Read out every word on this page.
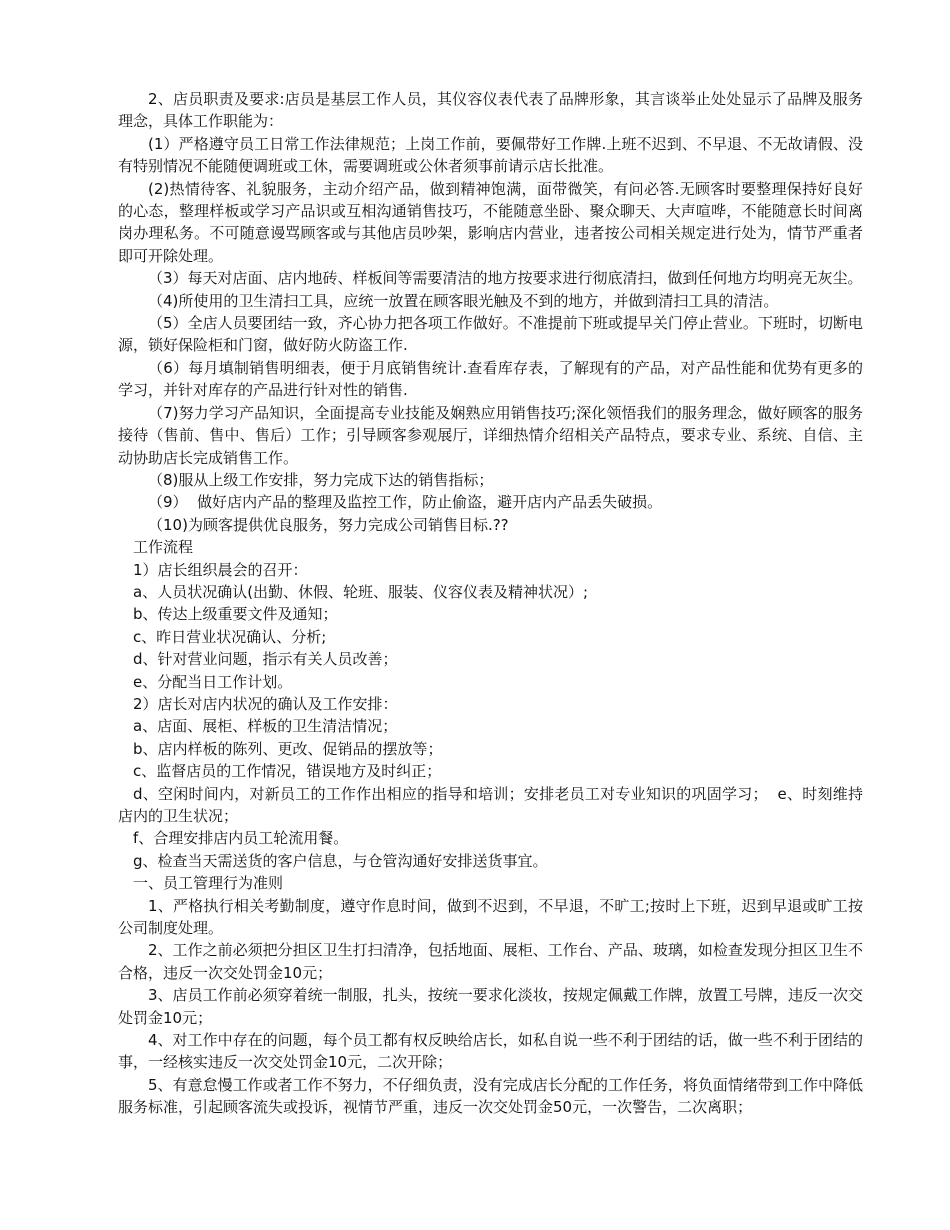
2、店员职责及要求:店员是基层工作人员，其仪容仪表代表了品牌形象，其言谈举止处处显示了品牌及服务理念，具体工作职能为：

(1）严格遵守员工日常工作法律规范；上岗工作前，要佩带好工作牌.上班不迟到、不早退、不无故请假、没有特别情况不能随便调班或工休，需要调班或公休者须事前请示店长批准。

(2)热情待客、礼貌服务，主动介绍产品，做到精神饱满，面带微笑，有问必答.无顾客时要整理保持好良好的心态，整理样板或学习产品识或互相沟通销售技巧，不能随意坐卧、聚众聊天、大声喧哗，不能随意长时间离岗办理私务。不可随意谩骂顾客或与其他店员吵架，影响店内营业，违者按公司相关规定进行处为，情节严重者即可开除处理。

（3）每天对店面、店内地砖、样板间等需要清洁的地方按要求进行彻底清扫，做到任何地方均明亮无灰尘。

（4)所使用的卫生清扫工具，应统一放置在顾客眼光触及不到的地方，并做到清扫工具的清洁。

（5）全店人员要团结一致，齐心协力把各项工作做好。不准提前下班或提早关门停止营业。下班时，切断电源，锁好保险柜和门窗，做好防火防盗工作.

（6）每月填制销售明细表，便于月底销售统计.查看库存表，了解现有的产品，对产品性能和优势有更多的学习，并针对库存的产品进行针对性的销售.

（7)努力学习产品知识，全面提高专业技能及娴熟应用销售技巧;深化领悟我们的服务理念，做好顾客的服务接待（售前、售中、售后）工作；引导顾客参观展厅，详细热情介绍相关产品特点，要求专业、系统、自信、主动协助店长完成销售工作。

（8)服从上级工作安排，努力完成下达的销售指标；

（9）  做好店内产品的整理及监控工作，防止偷盗，避开店内产品丢失破损。

（10)为顾客提供优良服务，努力完成公司销售目标.??

工作流程

1）店长组织晨会的召开：

a、人员状况确认(出勤、休假、轮班、服装、仪容仪表及精神状况）;

b、传达上级重要文件及通知；

c、昨日营业状况确认、分析;

d、针对营业问题，指示有关人员改善；

e、分配当日工作计划。

2）店长对店内状况的确认及工作安排：

a、店面、展柜、样板的卫生清洁情况；

b、店内样板的陈列、更改、促销品的摆放等；

c、监督店员的工作情况，错误地方及时纠正；

d、空闲时间内，对新员工的工作作出相应的指导和培训；安排老员工对专业知识的巩固学习；  e、时刻维持店内的卫生状况；

f、合理安排店内员工轮流用餐。

g、检查当天需送货的客户信息，与仓管沟通好安排送货事宜。

一、员工管理行为准则

1、严格执行相关考勤制度，遵守作息时间，做到不迟到，不早退，不旷工;按时上下班，迟到早退或旷工按公司制度处理。

2、工作之前必须把分担区卫生打扫清净，包括地面、展柜、工作台、产品、玻璃，如检查发现分担区卫生不合格，违反一次交处罚金10元；

3、店员工作前必须穿着统一制服，扎头，按统一要求化淡妆，按规定佩戴工作牌，放置工号牌，违反一次交处罚金10元；

4、对工作中存在的问题，每个员工都有权反映给店长，如私自说一些不利于团结的话，做一些不利于团结的事，一经核实违反一次交处罚金10元，二次开除；

5、有意怠慢工作或者工作不努力，不仔细负责，没有完成店长分配的工作任务，将负面情绪带到工作中降低服务标准，引起顾客流失或投诉，视情节严重，违反一次交处罚金50元，一次警告，二次离职；
